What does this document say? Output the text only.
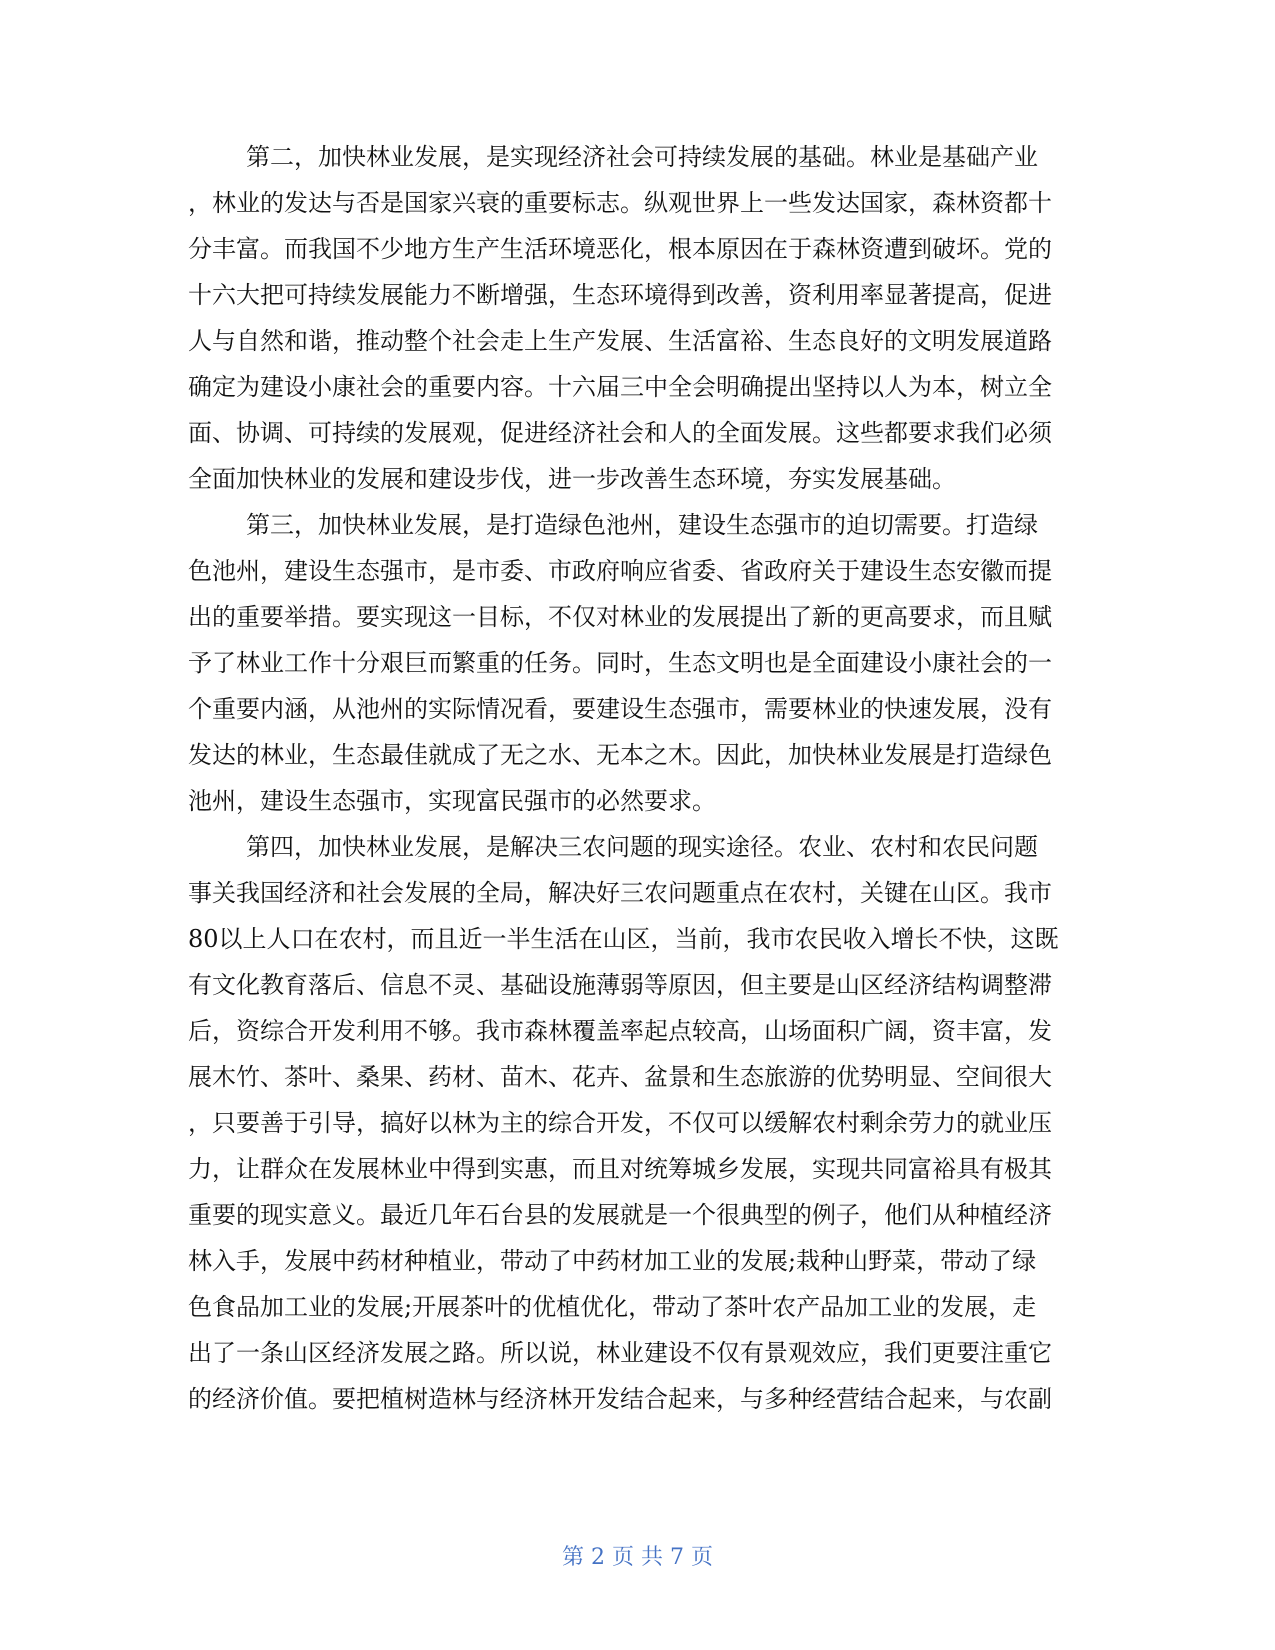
第二，加快林业发展，是实现经济社会可持续发展的基础。林业是基础产业
，林业的发达与否是国家兴衰的重要标志。纵观世界上一些发达国家，森林资都十
分丰富。而我国不少地方生产生活环境恶化，根本原因在于森林资遭到破坏。党的
十六大把可持续发展能力不断增强，生态环境得到改善，资利用率显著提高，促进
人与自然和谐，推动整个社会走上生产发展、生活富裕、生态良好的文明发展道路
确定为建设小康社会的重要内容。十六届三中全会明确提出坚持以人为本，树立全
面、协调、可持续的发展观，促进经济社会和人的全面发展。这些都要求我们必须
全面加快林业的发展和建设步伐，进一步改善生态环境，夯实发展基础。
第三，加快林业发展，是打造绿色池州，建设生态强市的迫切需要。打造绿
色池州，建设生态强市，是市委、市政府响应省委、省政府关于建设生态安徽而提
出的重要举措。要实现这一目标，不仅对林业的发展提出了新的更高要求，而且赋
予了林业工作十分艰巨而繁重的任务。同时，生态文明也是全面建设小康社会的一
个重要内涵，从池州的实际情况看，要建设生态强市，需要林业的快速发展，没有
发达的林业，生态最佳就成了无之水、无本之木。因此，加快林业发展是打造绿色
池州，建设生态强市，实现富民强市的必然要求。
第四，加快林业发展，是解决三农问题的现实途径。农业、农村和农民问题
事关我国经济和社会发展的全局，解决好三农问题重点在农村，关键在山区。我市
80以上人口在农村，而且近一半生活在山区，当前，我市农民收入增长不快，这既
有文化教育落后、信息不灵、基础设施薄弱等原因，但主要是山区经济结构调整滞
后，资综合开发利用不够。我市森林覆盖率起点较高，山场面积广阔，资丰富，发
展木竹、茶叶、桑果、药材、苗木、花卉、盆景和生态旅游的优势明显、空间很大
，只要善于引导，搞好以林为主的综合开发，不仅可以缓解农村剩余劳力的就业压
力，让群众在发展林业中得到实惠，而且对统筹城乡发展，实现共同富裕具有极其
重要的现实意义。最近几年石台县的发展就是一个很典型的例子，他们从种植经济
林入手，发展中药材种植业，带动了中药材加工业的发展;栽种山野菜，带动了绿
色食品加工业的发展;开展茶叶的优植优化，带动了茶叶农产品加工业的发展，走
出了一条山区经济发展之路。所以说，林业建设不仅有景观效应，我们更要注重它
的经济价值。要把植树造林与经济林开发结合起来，与多种经营结合起来，与农副
第 2 页 共 7 页
